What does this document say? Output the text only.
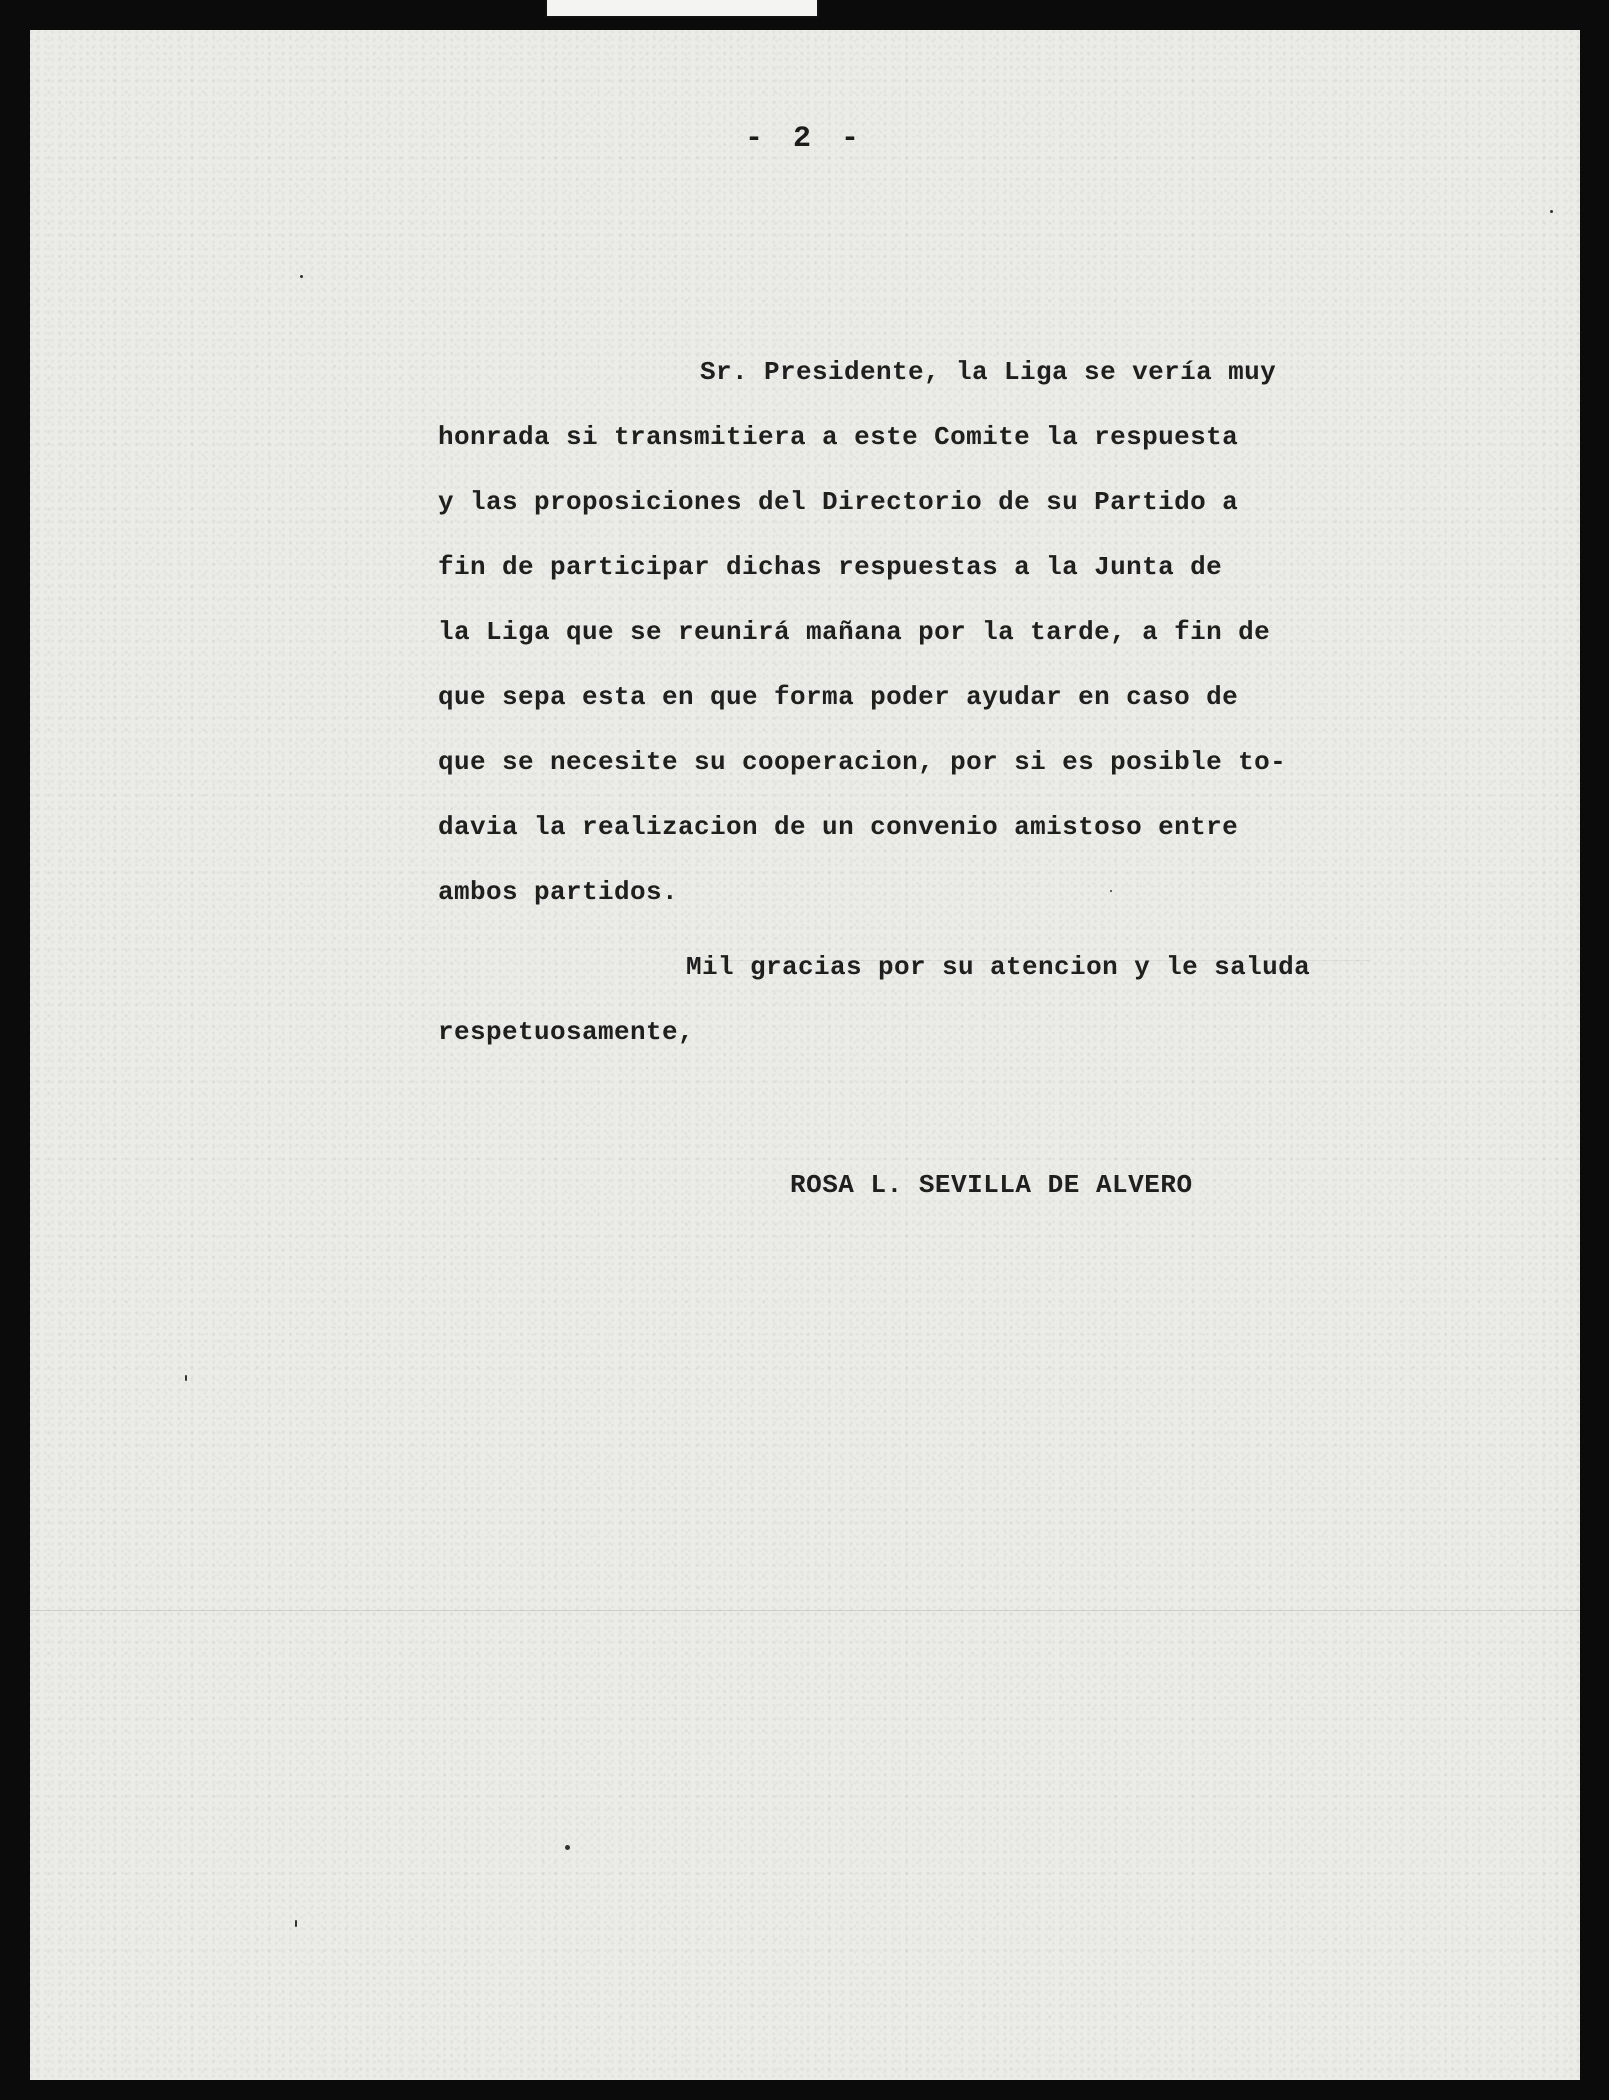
- 2 -

Sr. Presidente, la Liga se vería muy

honrada si transmitiera a este Comite la respuesta

y las proposiciones del Directorio de su Partido a

fin de participar dichas respuestas a la Junta de

la Liga que se reunirá mañana por la tarde, a fin de

que sepa esta en que forma poder ayudar en caso de

que se necesite su cooperacion, por si es posible to-

davia la realizacion de un convenio amistoso entre

ambos partidos.

Mil gracias por su atencion y le saluda

respetuosamente,

ROSA L. SEVILLA DE ALVERO
